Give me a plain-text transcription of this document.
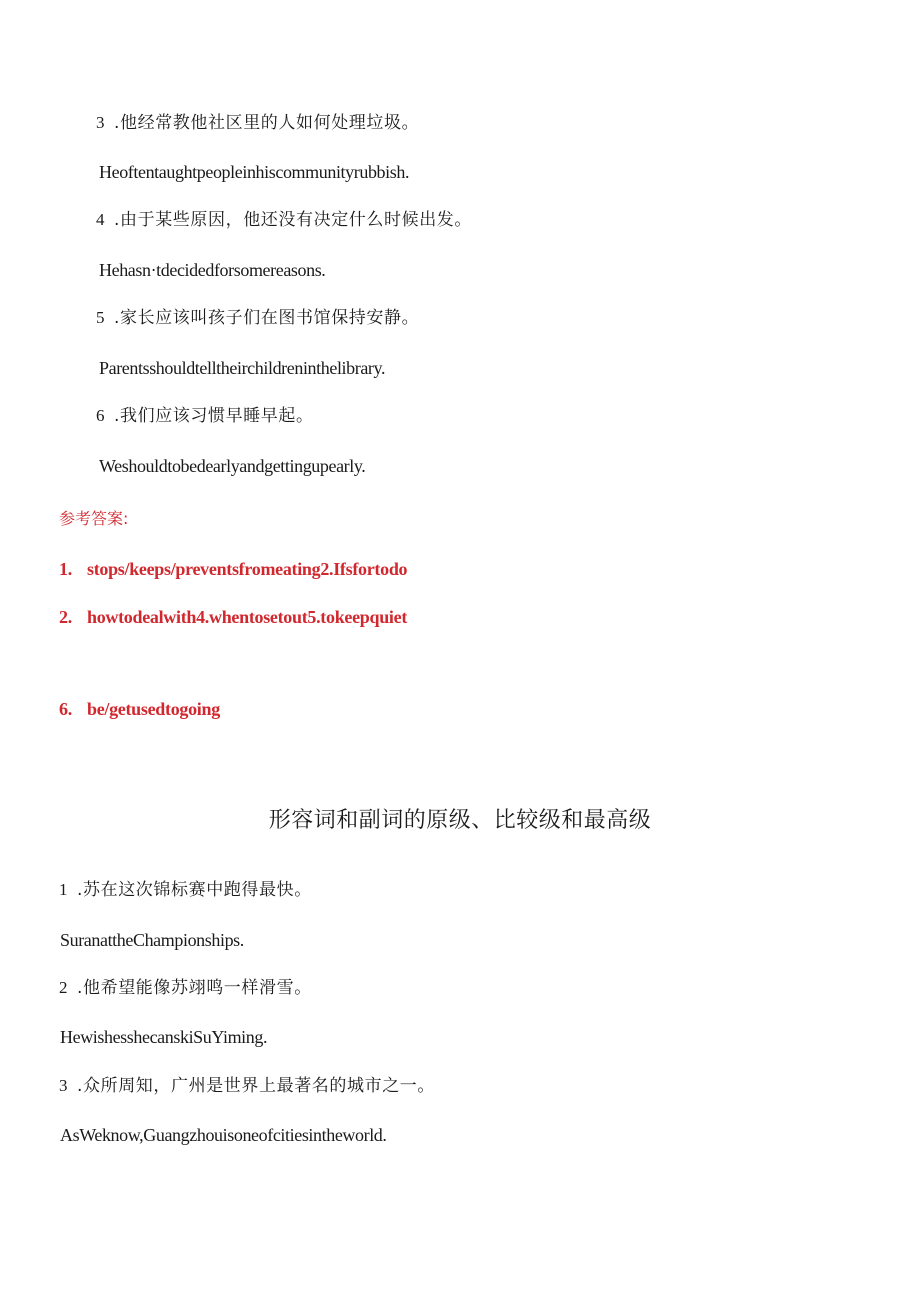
3 .他经常教他社区里的人如何处理垃圾。
Heoftentaughtpeopleinhiscommunityrubbish.
4 .由于某些原因，他还没有决定什么时候出发。
Hehasn·tdecidedforsomereasons.
5 .家长应该叫孩子们在图书馆保持安静。
Parentsshouldtelltheirchildreninthelibrary.
6 .我们应该习惯早睡早起。
Weshouldtobedearlyandgettingupearly.
参考答案:
1. stops/keeps/preventsfromeating2.Ifsfortodo
2. howtodealwith4.whentosetout5.tokeepquiet
6. be/getusedtogoing
形容词和副词的原级、比较级和最高级
1 .苏在这次锦标赛中跑得最快。
SuranattheChampionships.
2 .他希望能像苏翊鸣一样滑雪。
HewishesshecanskiSuYiming.
3 .众所周知，广州是世界上最著名的城市之一。
AsWeknow,Guangzhouisoneofcitiesintheworld.
